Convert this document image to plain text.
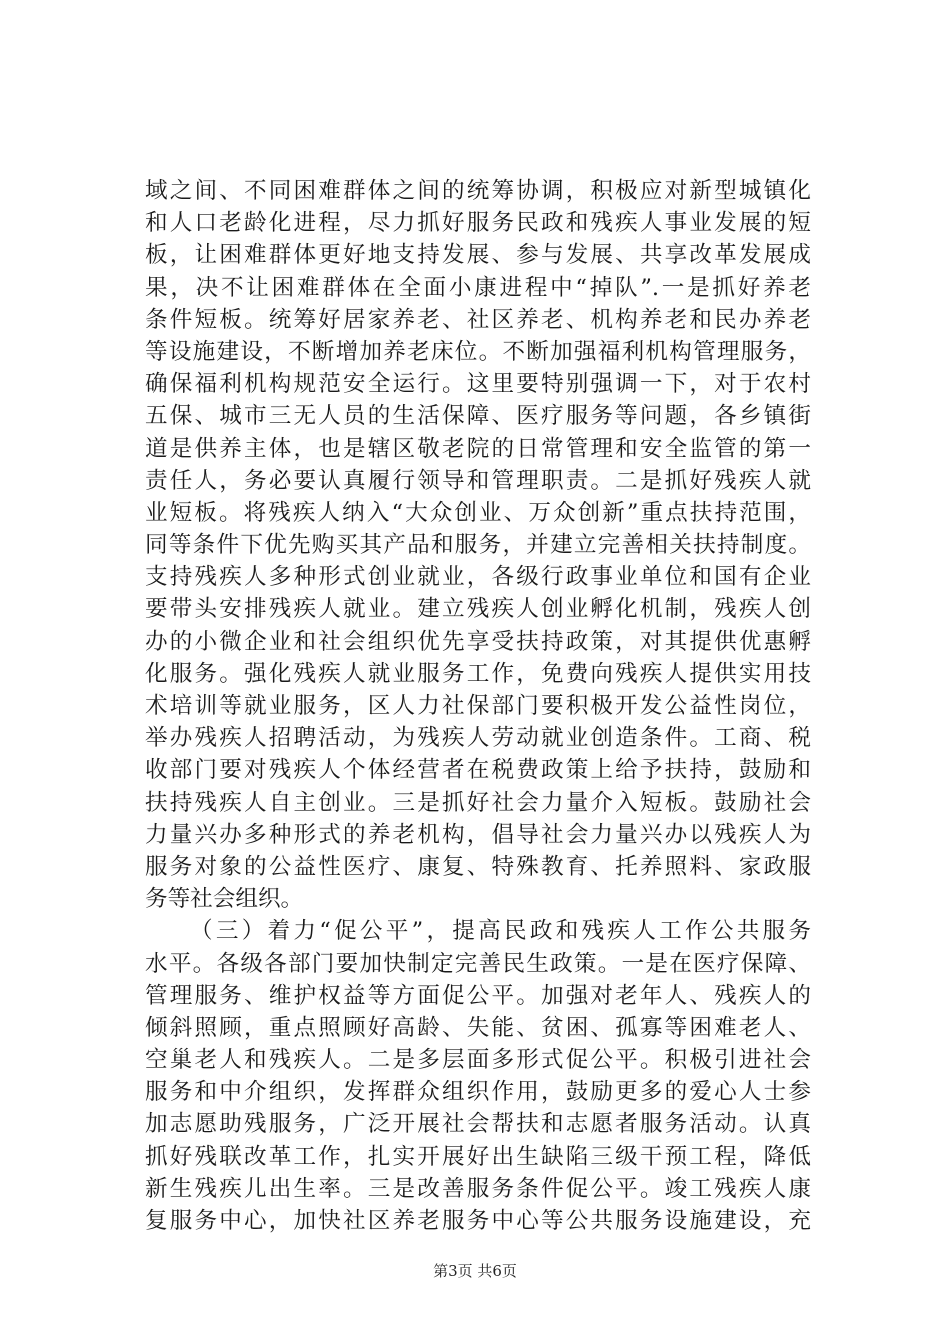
域之间、不同困难群体之间的统筹协调，积极应对新型城镇化
和人口老龄化进程，尽力抓好服务民政和残疾人事业发展的短
板，让困难群体更好地支持发展、参与发展、共享改革发展成
果，决不让困难群体在全面小康进程中“掉队”.一是抓好养老
条件短板。统筹好居家养老、社区养老、机构养老和民办养老
等设施建设，不断增加养老床位。不断加强福利机构管理服务，
确保福利机构规范安全运行。这里要特别强调一下，对于农村
五保、城市三无人员的生活保障、医疗服务等问题，各乡镇街
道是供养主体，也是辖区敬老院的日常管理和安全监管的第一
责任人，务必要认真履行领导和管理职责。二是抓好残疾人就
业短板。将残疾人纳入“大众创业、万众创新”重点扶持范围，
同等条件下优先购买其产品和服务，并建立完善相关扶持制度。
支持残疾人多种形式创业就业，各级行政事业单位和国有企业
要带头安排残疾人就业。建立残疾人创业孵化机制，残疾人创
办的小微企业和社会组织优先享受扶持政策，对其提供优惠孵
化服务。强化残疾人就业服务工作，免费向残疾人提供实用技
术培训等就业服务，区人力社保部门要积极开发公益性岗位，
举办残疾人招聘活动，为残疾人劳动就业创造条件。工商、税
收部门要对残疾人个体经营者在税费政策上给予扶持，鼓励和
扶持残疾人自主创业。三是抓好社会力量介入短板。鼓励社会
力量兴办多种形式的养老机构，倡导社会力量兴办以残疾人为
服务对象的公益性医疗、康复、特殊教育、托养照料、家政服
务等社会组织。
（三）着力“促公平”，提高民政和残疾人工作公共服务
水平。各级各部门要加快制定完善民生政策。一是在医疗保障、
管理服务、维护权益等方面促公平。加强对老年人、残疾人的
倾斜照顾，重点照顾好高龄、失能、贫困、孤寡等困难老人、
空巢老人和残疾人。二是多层面多形式促公平。积极引进社会
服务和中介组织，发挥群众组织作用，鼓励更多的爱心人士参
加志愿助残服务，广泛开展社会帮扶和志愿者服务活动。认真
抓好残联改革工作，扎实开展好出生缺陷三级干预工程，降低
新生残疾儿出生率。三是改善服务条件促公平。竣工残疾人康
复服务中心，加快社区养老服务中心等公共服务设施建设，充
第3页 共6页
